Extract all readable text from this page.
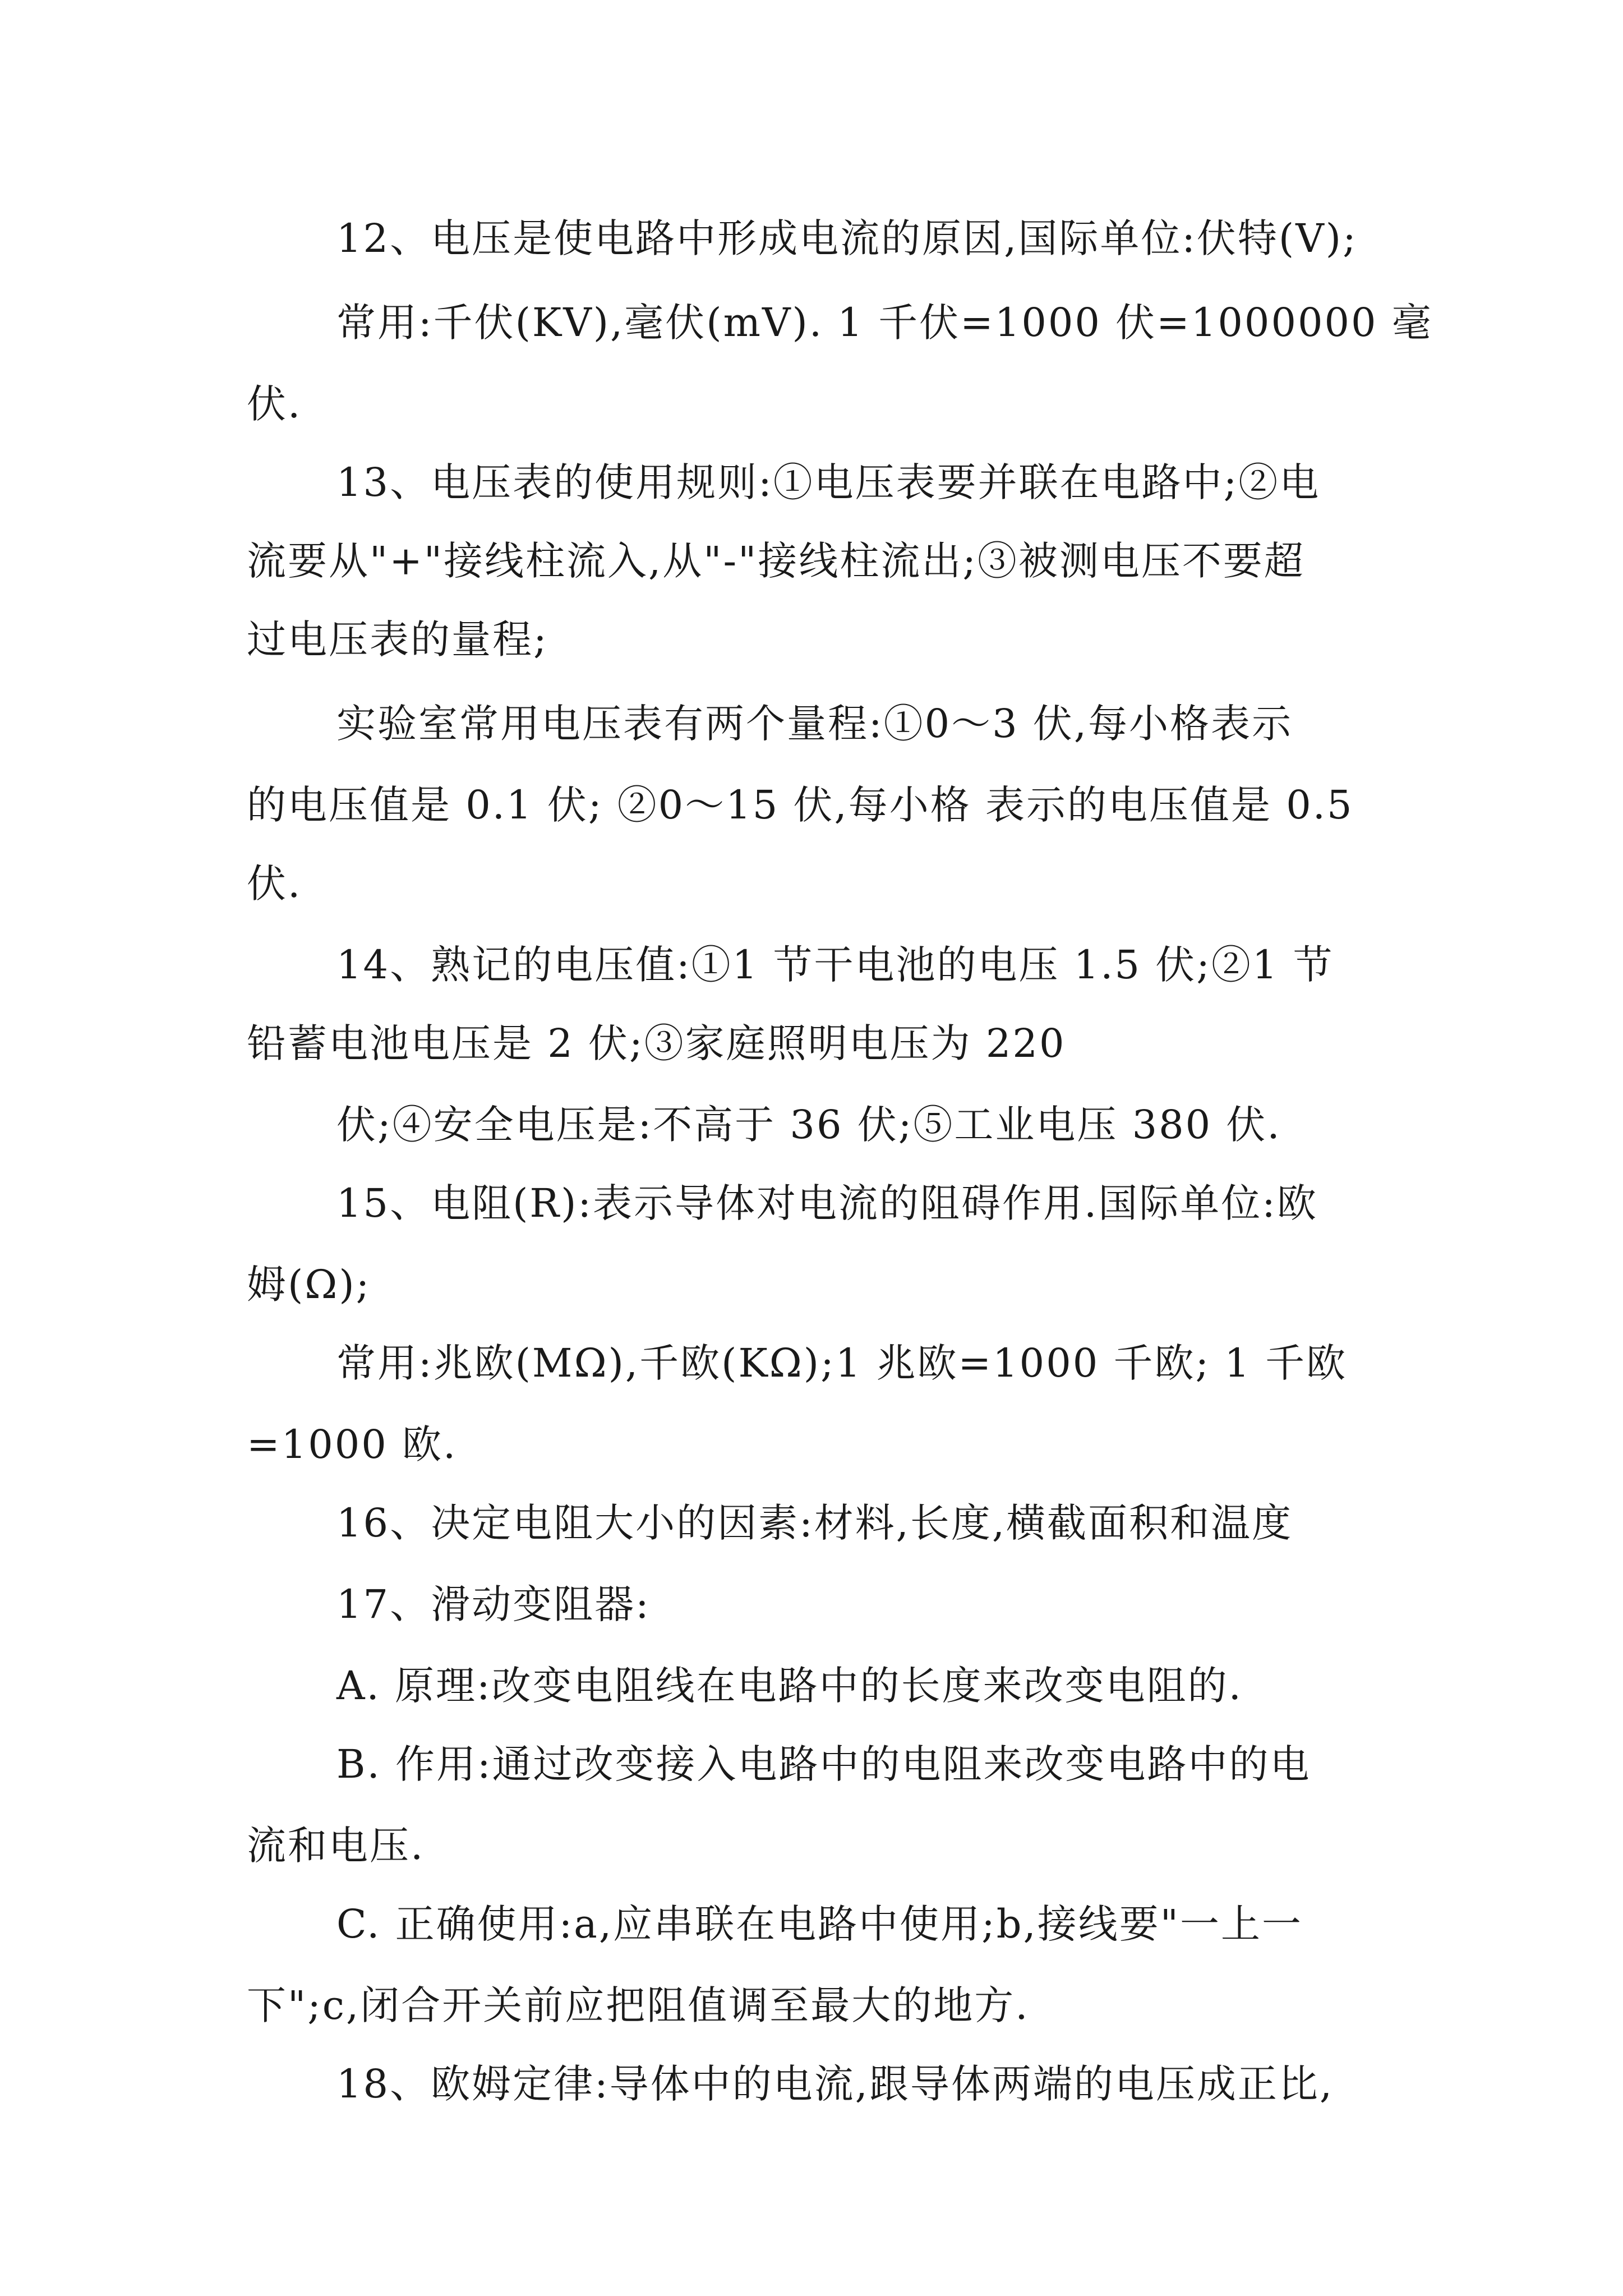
12、电压是使电路中形成电流的原因,国际单位:伏特(V);
常用:千伏(KV),毫伏(mV). 1 千伏=1000 伏=1000000 毫
伏.
13、电压表的使用规则:①电压表要并联在电路中;②电
流要从"+"接线柱流入,从"-"接线柱流出;③被测电压不要超
过电压表的量程;
实验室常用电压表有两个量程:①0～3 伏,每小格表示
的电压值是 0.1 伏; ②0～15 伏,每小格 表示的电压值是 0.5
伏.
14、熟记的电压值:①1 节干电池的电压 1.5 伏;②1 节
铅蓄电池电压是 2 伏;③家庭照明电压为 220
伏;④安全电压是:不高于 36 伏;⑤工业电压 380 伏.
15、电阻(R):表示导体对电流的阻碍作用.国际单位:欧
姆(Ω);
常用:兆欧(MΩ),千欧(KΩ);1 兆欧=1000 千欧; 1 千欧
=1000 欧.
16、决定电阻大小的因素:材料,长度,横截面积和温度
17、滑动变阻器:
A. 原理:改变电阻线在电路中的长度来改变电阻的.
B. 作用:通过改变接入电路中的电阻来改变电路中的电
流和电压.
C. 正确使用:a,应串联在电路中使用;b,接线要"一上一
下";c,闭合开关前应把阻值调至最大的地方.
18、欧姆定律:导体中的电流,跟导体两端的电压成正比,
